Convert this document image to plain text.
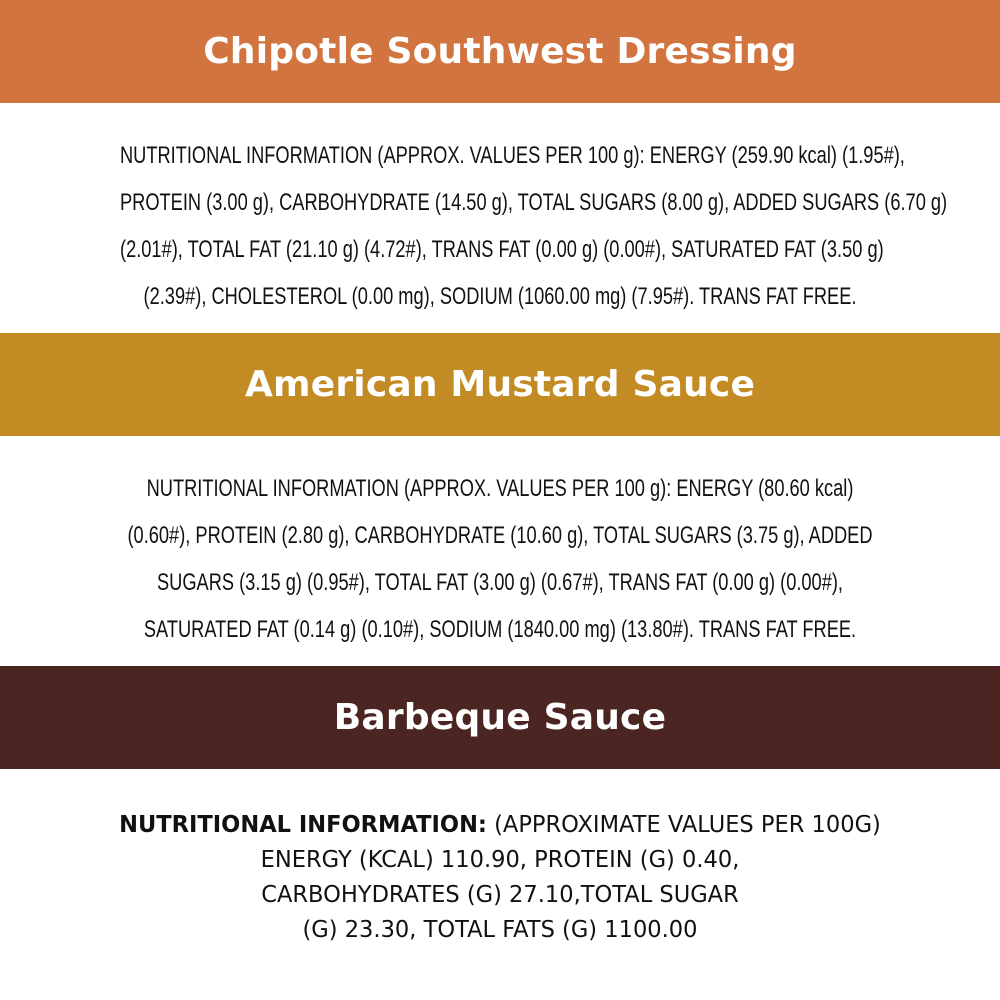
Chipotle Southwest Dressing
NUTRITIONAL INFORMATION (APPROX. VALUES PER 100 g): ENERGY (259.90 kcal) (1.95#),
PROTEIN (3.00 g), CARBOHYDRATE (14.50 g), TOTAL SUGARS (8.00 g), ADDED SUGARS (6.70 g)
(2.01#), TOTAL FAT (21.10 g) (4.72#), TRANS FAT (0.00 g) (0.00#), SATURATED FAT (3.50 g)
(2.39#), CHOLESTEROL (0.00 mg), SODIUM (1060.00 mg) (7.95#). TRANS FAT FREE.
American Mustard Sauce
NUTRITIONAL INFORMATION (APPROX. VALUES PER 100 g): ENERGY (80.60 kcal)
(0.60#), PROTEIN (2.80 g), CARBOHYDRATE (10.60 g), TOTAL SUGARS (3.75 g), ADDED
SUGARS (3.15 g) (0.95#), TOTAL FAT (3.00 g) (0.67#), TRANS FAT (0.00 g) (0.00#),
SATURATED FAT (0.14 g) (0.10#), SODIUM (1840.00 mg) (13.80#). TRANS FAT FREE.
Barbeque Sauce
NUTRITIONAL INFORMATION: (APPROXIMATE VALUES PER 100G)
ENERGY (KCAL) 110.90, PROTEIN (G) 0.40,
CARBOHYDRATES (G) 27.10,TOTAL SUGAR
(G) 23.30, TOTAL FATS (G) 1100.00
